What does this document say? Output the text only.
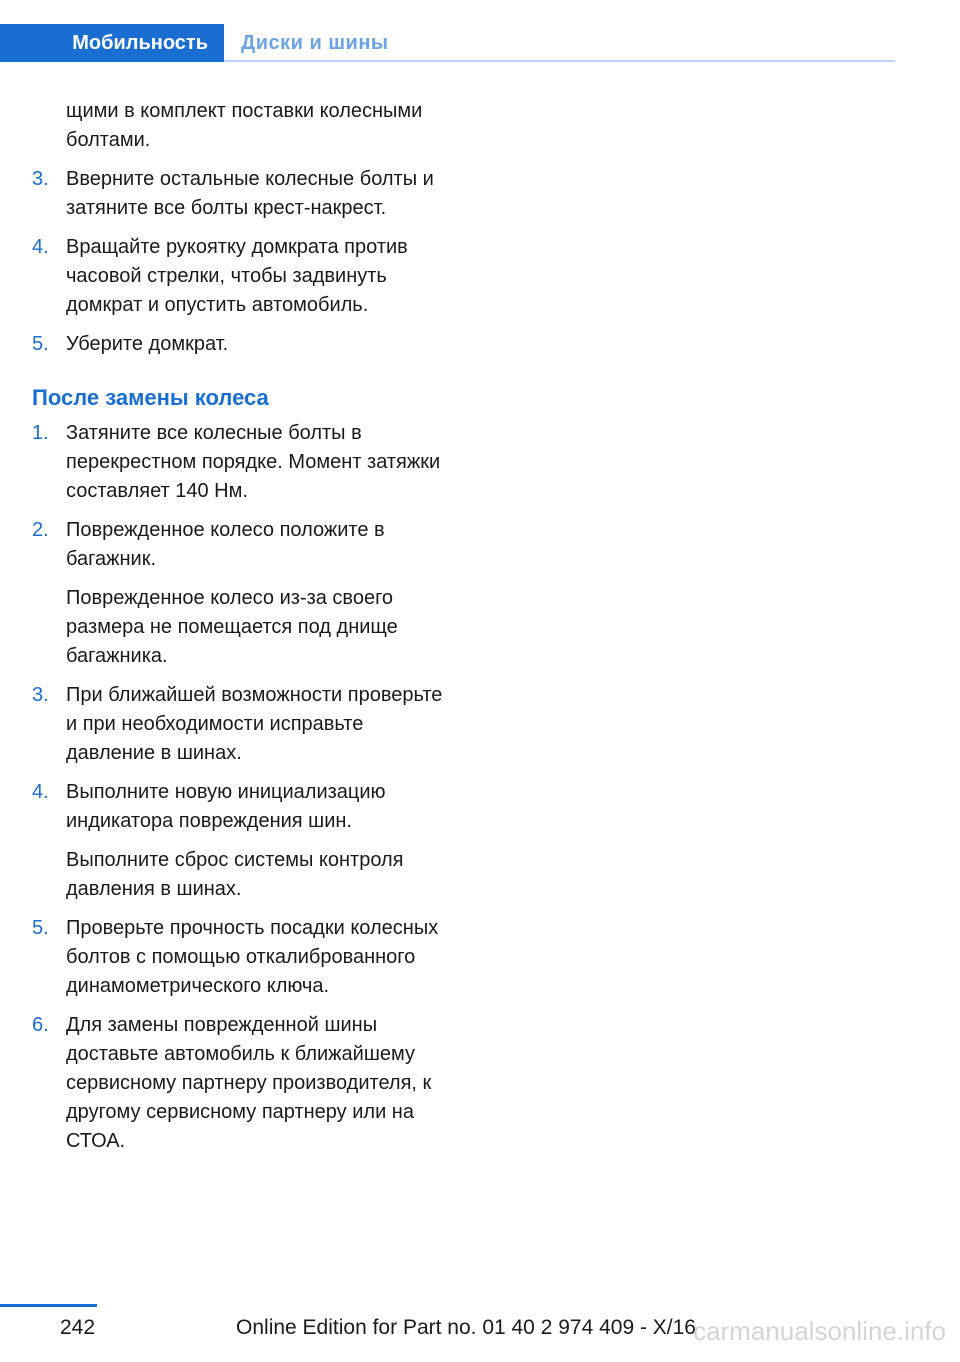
Мобильность	Диски и шины

щими в комплект поставки колесными болтами.

3. Вверните остальные колесные болты и затяните все болты крест-накрест.
4. Вращайте рукоятку домкрата против часовой стрелки, чтобы задвинуть домкрат и опустить автомобиль.
5. Уберите домкрат.
После замены колеса
1. Затяните все колесные болты в перекрестном порядке. Момент затяжки составляет 140 Нм.
2. Поврежденное колесо положите в багажник.
Поврежденное колесо из-за своего размера не помещается под днище багажника.
3. При ближайшей возможности проверьте и при необходимости исправьте давление в шинах.
4. Выполните новую инициализацию индикатора повреждения шин.
Выполните сброс системы контроля давления в шинах.
5. Проверьте прочность посадки колесных болтов с помощью откалиброванного динамометрического ключа.
6. Для замены поврежденной шины доставьте автомобиль к ближайшему сервисному партнеру производителя, к другому сервисному партнеру или на СТОА.
242	Online Edition for Part no. 01 40 2 974 409 - X/16
carmanualsonline.info
